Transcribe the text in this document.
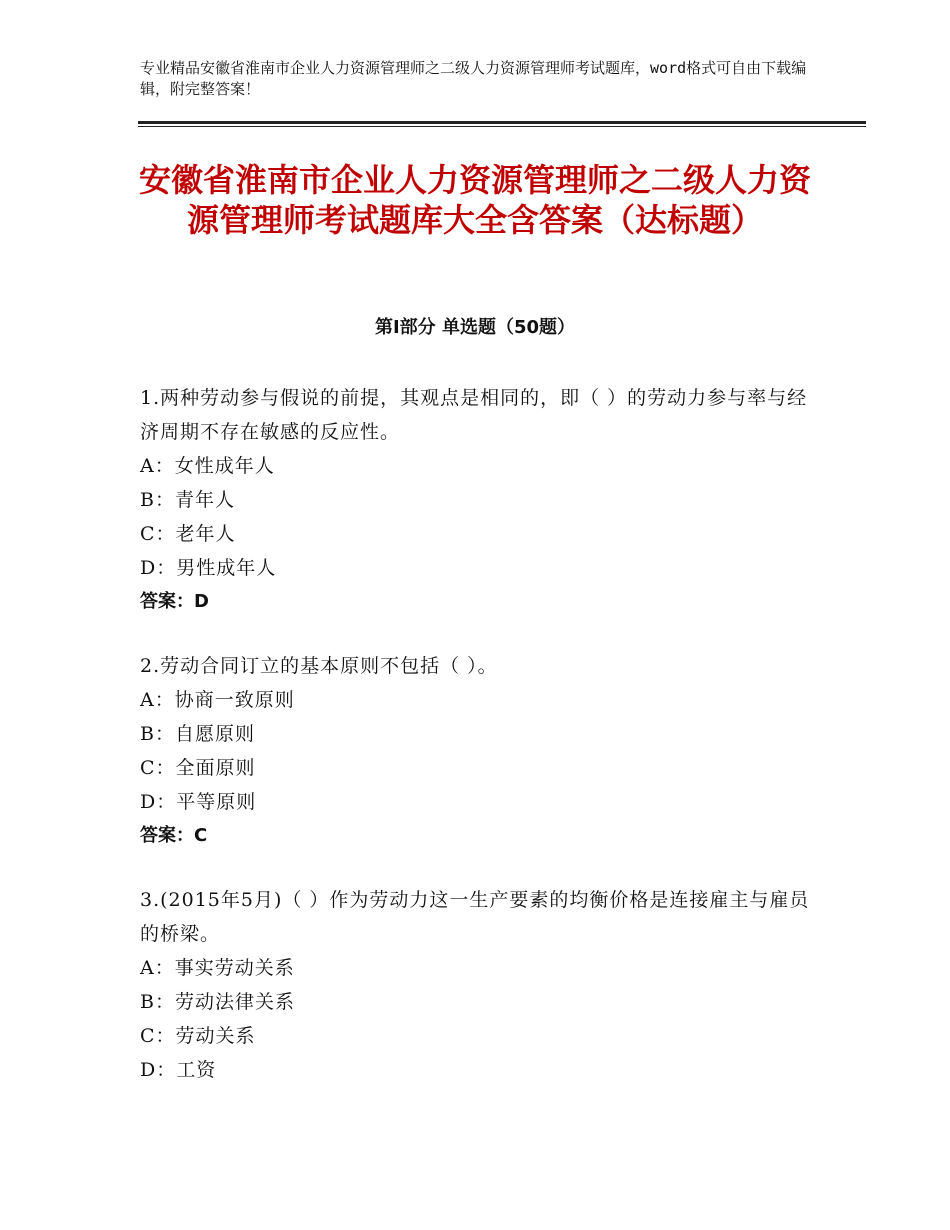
专业精品安徽省淮南市企业人力资源管理师之二级人力资源管理师考试题库，word格式可自由下载编辑，附完整答案！
安徽省淮南市企业人力资源管理师之二级人力资源管理师考试题库大全含答案（达标题）
第Ⅰ部分 单选题（50题）
1.两种劳动参与假说的前提，其观点是相同的，即（ ）的劳动力参与率与经济周期不存在敏感的反应性。
A：女性成年人
B：青年人
C：老年人
D：男性成年人
答案：D
2.劳动合同订立的基本原则不包括（ ）。
A：协商一致原则
B：自愿原则
C：全面原则
D：平等原则
答案：C
3.(2015年5月)（ ）作为劳动力这一生产要素的均衡价格是连接雇主与雇员的桥梁。
A：事实劳动关系
B：劳动法律关系
C：劳动关系
D：工资
